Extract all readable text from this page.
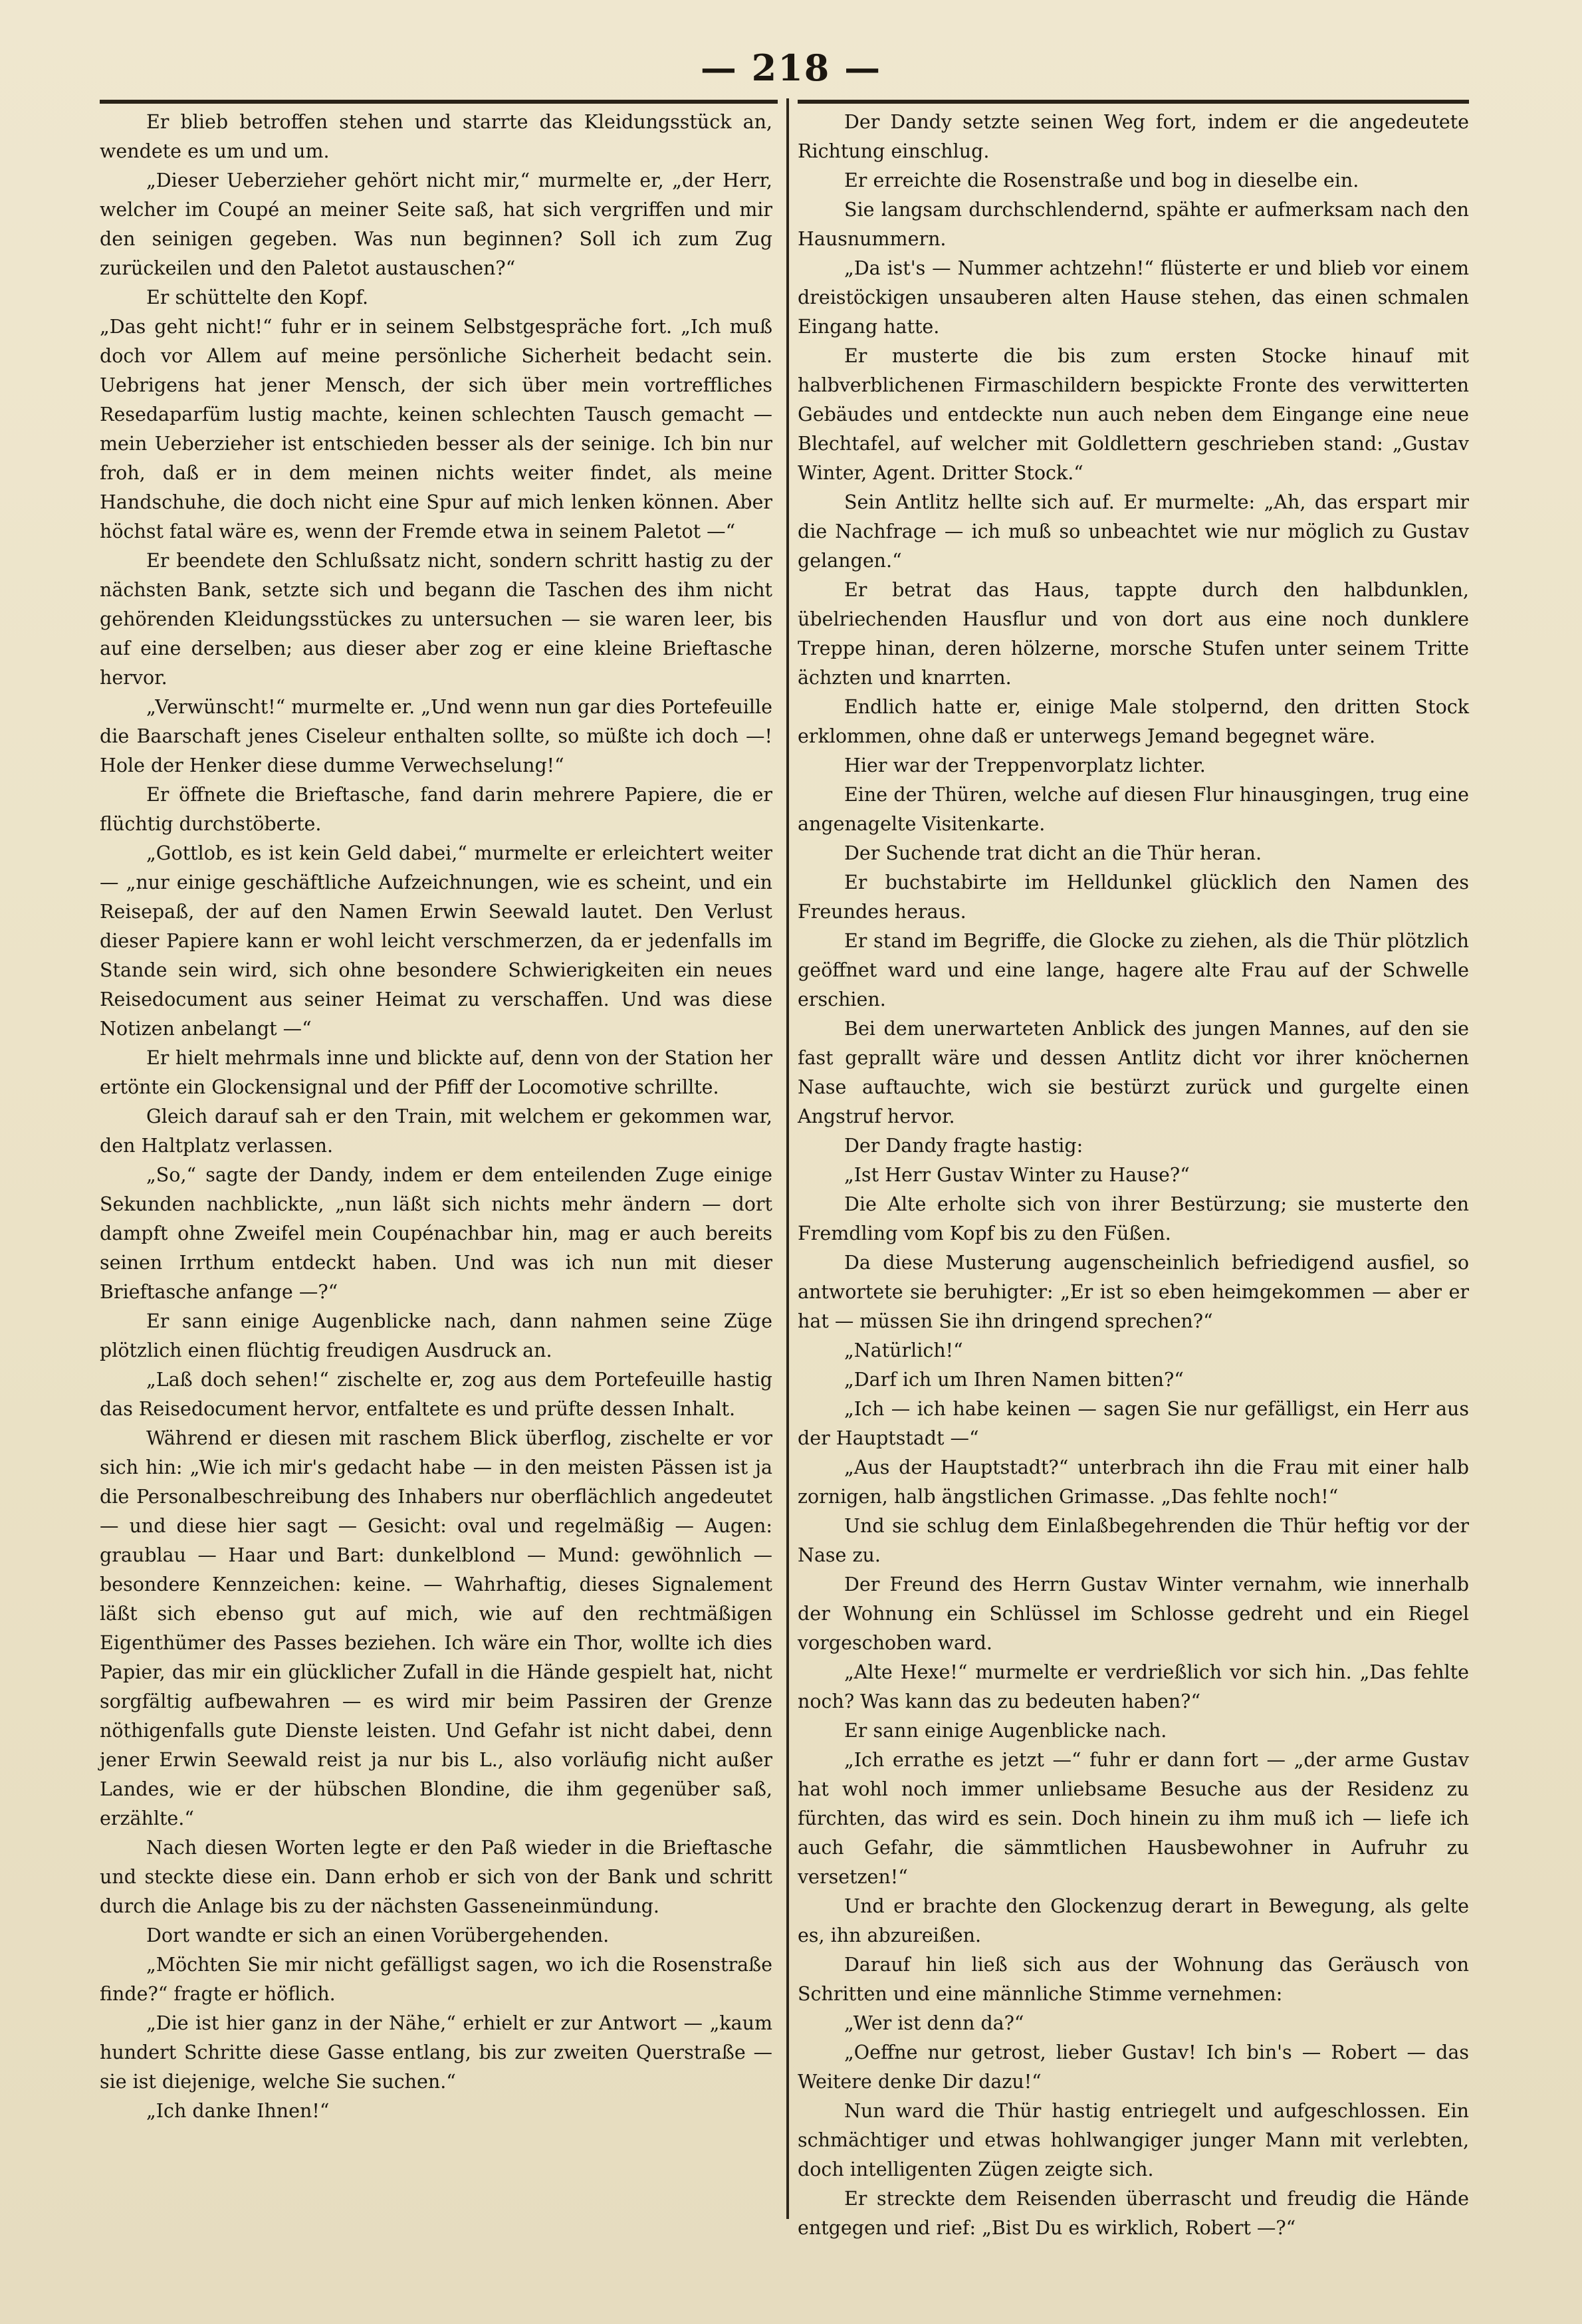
— 218 —

Er blieb betroffen stehen und starrte das Kleidungsstück an, wendete es um und um.

„Dieser Ueberzieher gehört nicht mir,“ murmelte er, „der Herr, welcher im Coupé an meiner Seite saß, hat sich vergriffen und mir den seinigen gegeben. Was nun beginnen? Soll ich zum Zug zurückeilen und den Paletot austauschen?“

Er schüttelte den Kopf.

„Das geht nicht!“ fuhr er in seinem Selbstgespräche fort. „Ich muß doch vor Allem auf meine persönliche Sicherheit bedacht sein. Uebrigens hat jener Mensch, der sich über mein vortreffliches Resedaparfüm lustig machte, keinen schlechten Tausch gemacht — mein Ueberzieher ist entschieden besser als der seinige. Ich bin nur froh, daß er in dem meinen nichts weiter findet, als meine Handschuhe, die doch nicht eine Spur auf mich lenken können. Aber höchst fatal wäre es, wenn der Fremde etwa in seinem Paletot —“

Er beendete den Schlußsatz nicht, sondern schritt hastig zu der nächsten Bank, setzte sich und begann die Taschen des ihm nicht gehörenden Kleidungsstückes zu untersuchen — sie waren leer, bis auf eine derselben; aus dieser aber zog er eine kleine Brieftasche hervor.

„Verwünscht!“ murmelte er. „Und wenn nun gar dies Portefeuille die Baarschaft jenes Ciseleur enthalten sollte, so müßte ich doch —! Hole der Henker diese dumme Verwechselung!“

Er öffnete die Brieftasche, fand darin mehrere Papiere, die er flüchtig durchstöberte.

„Gottlob, es ist kein Geld dabei,“ murmelte er erleichtert weiter — „nur einige geschäftliche Aufzeichnungen, wie es scheint, und ein Reisepaß, der auf den Namen Erwin Seewald lautet. Den Verlust dieser Papiere kann er wohl leicht verschmerzen, da er jedenfalls im Stande sein wird, sich ohne besondere Schwierigkeiten ein neues Reisedocument aus seiner Heimat zu verschaffen. Und was diese Notizen anbelangt —“

Er hielt mehrmals inne und blickte auf, denn von der Station her ertönte ein Glockensignal und der Pfiff der Locomotive schrillte.

Gleich darauf sah er den Train, mit welchem er gekommen war, den Haltplatz verlassen.

„So,“ sagte der Dandy, indem er dem enteilenden Zuge einige Sekunden nachblickte, „nun läßt sich nichts mehr ändern — dort dampft ohne Zweifel mein Coupénachbar hin, mag er auch bereits seinen Irrthum entdeckt haben. Und was ich nun mit dieser Brieftasche anfange —?“

Er sann einige Augenblicke nach, dann nahmen seine Züge plötzlich einen flüchtig freudigen Ausdruck an.

„Laß doch sehen!“ zischelte er, zog aus dem Portefeuille hastig das Reisedocument hervor, entfaltete es und prüfte dessen Inhalt.

Während er diesen mit raschem Blick überflog, zischelte er vor sich hin: „Wie ich mir's gedacht habe — in den meisten Pässen ist ja die Personalbeschreibung des Inhabers nur oberflächlich angedeutet — und diese hier sagt — Gesicht: oval und regelmäßig — Augen: graublau — Haar und Bart: dunkelblond — Mund: gewöhnlich — besondere Kennzeichen: keine. — Wahrhaftig, dieses Signalement läßt sich ebenso gut auf mich, wie auf den rechtmäßigen Eigenthümer des Passes beziehen. Ich wäre ein Thor, wollte ich dies Papier, das mir ein glücklicher Zufall in die Hände gespielt hat, nicht sorgfältig aufbewahren — es wird mir beim Passiren der Grenze nöthigenfalls gute Dienste leisten. Und Gefahr ist nicht dabei, denn jener Erwin Seewald reist ja nur bis L., also vorläufig nicht außer Landes, wie er der hübschen Blondine, die ihm gegenüber saß, erzählte.“

Nach diesen Worten legte er den Paß wieder in die Brieftasche und steckte diese ein. Dann erhob er sich von der Bank und schritt durch die Anlage bis zu der nächsten Gasseneinmündung.

Dort wandte er sich an einen Vorübergehenden.

„Möchten Sie mir nicht gefälligst sagen, wo ich die Rosenstraße finde?“ fragte er höflich.

„Die ist hier ganz in der Nähe,“ erhielt er zur Antwort — „kaum hundert Schritte diese Gasse entlang, bis zur zweiten Querstraße — sie ist diejenige, welche Sie suchen.“

„Ich danke Ihnen!“

Der Dandy setzte seinen Weg fort, indem er die angedeutete Richtung einschlug.

Er erreichte die Rosenstraße und bog in dieselbe ein.

Sie langsam durchschlendernd, spähte er aufmerksam nach den Hausnummern.

„Da ist's — Nummer achtzehn!“ flüsterte er und blieb vor einem dreistöckigen unsauberen alten Hause stehen, das einen schmalen Eingang hatte.

Er musterte die bis zum ersten Stocke hinauf mit halbverblichenen Firmaschildern bespickte Fronte des verwitterten Gebäudes und entdeckte nun auch neben dem Eingange eine neue Blechtafel, auf welcher mit Goldlettern geschrieben stand: „Gustav Winter, Agent. Dritter Stock.“

Sein Antlitz hellte sich auf. Er murmelte: „Ah, das erspart mir die Nachfrage — ich muß so unbeachtet wie nur möglich zu Gustav gelangen.“

Er betrat das Haus, tappte durch den halbdunklen, übelriechenden Hausflur und von dort aus eine noch dunklere Treppe hinan, deren hölzerne, morsche Stufen unter seinem Tritte ächzten und knarrten.

Endlich hatte er, einige Male stolpernd, den dritten Stock erklommen, ohne daß er unterwegs Jemand begegnet wäre.

Hier war der Treppenvorplatz lichter.

Eine der Thüren, welche auf diesen Flur hinausgingen, trug eine angenagelte Visitenkarte.

Der Suchende trat dicht an die Thür heran.

Er buchstabirte im Helldunkel glücklich den Namen des Freundes heraus.

Er stand im Begriffe, die Glocke zu ziehen, als die Thür plötzlich geöffnet ward und eine lange, hagere alte Frau auf der Schwelle erschien.

Bei dem unerwarteten Anblick des jungen Mannes, auf den sie fast geprallt wäre und dessen Antlitz dicht vor ihrer knöchernen Nase auftauchte, wich sie bestürzt zurück und gurgelte einen Angstruf hervor.

Der Dandy fragte hastig:

„Ist Herr Gustav Winter zu Hause?“

Die Alte erholte sich von ihrer Bestürzung; sie musterte den Fremdling vom Kopf bis zu den Füßen.

Da diese Musterung augenscheinlich befriedigend ausfiel, so antwortete sie beruhigter: „Er ist so eben heimgekommen — aber er hat — müssen Sie ihn dringend sprechen?“

„Natürlich!“

„Darf ich um Ihren Namen bitten?“

„Ich — ich habe keinen — sagen Sie nur gefälligst, ein Herr aus der Hauptstadt —“

„Aus der Hauptstadt?“ unterbrach ihn die Frau mit einer halb zornigen, halb ängstlichen Grimasse. „Das fehlte noch!“

Und sie schlug dem Einlaßbegehrenden die Thür heftig vor der Nase zu.

Der Freund des Herrn Gustav Winter vernahm, wie innerhalb der Wohnung ein Schlüssel im Schlosse gedreht und ein Riegel vorgeschoben ward.

„Alte Hexe!“ murmelte er verdrießlich vor sich hin. „Das fehlte noch? Was kann das zu bedeuten haben?“

Er sann einige Augenblicke nach.

„Ich errathe es jetzt —“ fuhr er dann fort — „der arme Gustav hat wohl noch immer unliebsame Besuche aus der Residenz zu fürchten, das wird es sein. Doch hinein zu ihm muß ich — liefe ich auch Gefahr, die sämmtlichen Hausbewohner in Aufruhr zu versetzen!“

Und er brachte den Glockenzug derart in Bewegung, als gelte es, ihn abzureißen.

Darauf hin ließ sich aus der Wohnung das Geräusch von Schritten und eine männliche Stimme vernehmen:

„Wer ist denn da?“

„Oeffne nur getrost, lieber Gustav! Ich bin's — Robert — das Weitere denke Dir dazu!“

Nun ward die Thür hastig entriegelt und aufgeschlossen. Ein schmächtiger und etwas hohlwangiger junger Mann mit verlebten, doch intelligenten Zügen zeigte sich.

Er streckte dem Reisenden überrascht und freudig die Hände entgegen und rief: „Bist Du es wirklich, Robert —?“
